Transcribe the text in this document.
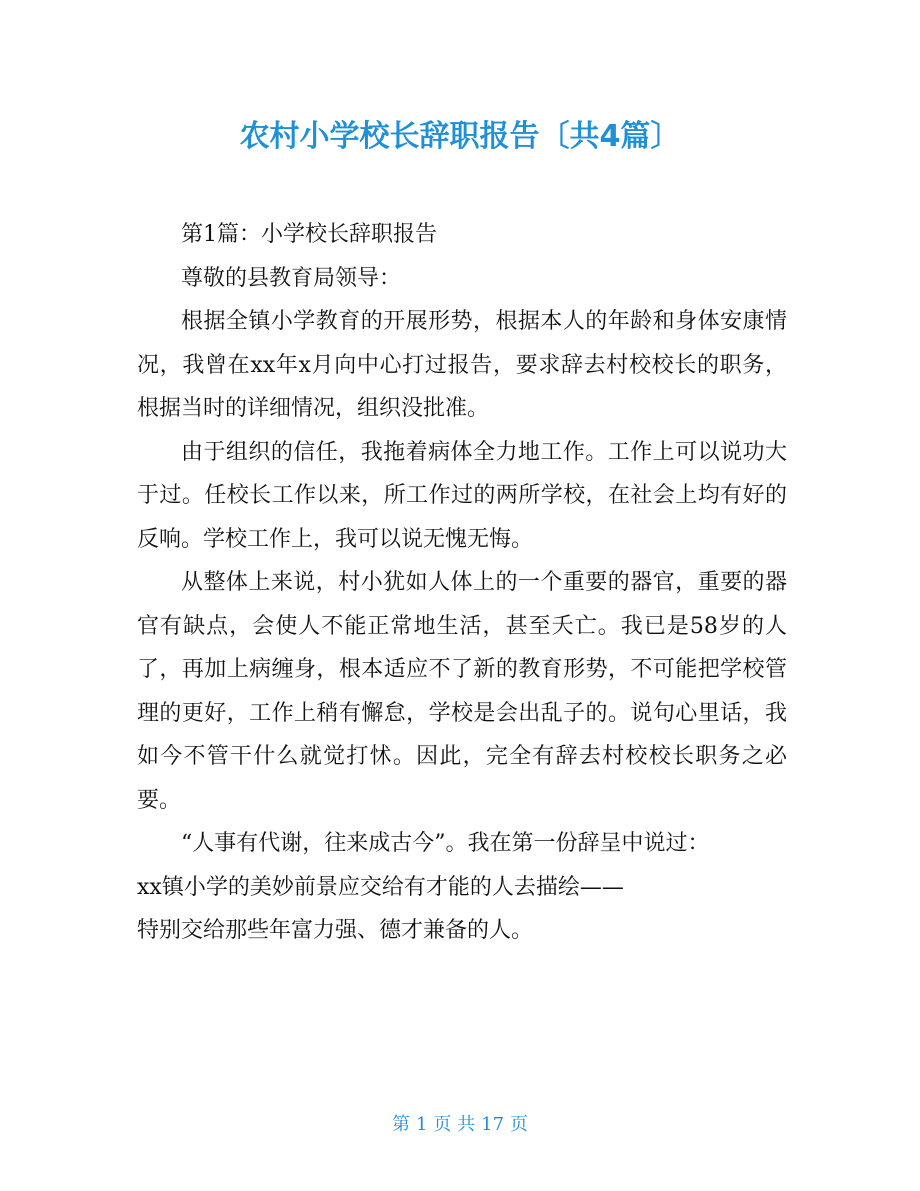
农村小学校长辞职报告〔共4篇〕

第1篇：小学校长辞职报告

尊敬的县教育局领导：

根据全镇小学教育的开展形势，根据本人的年龄和身体安康情况，我曾在xx年x月向中心打过报告，要求辞去村校校长的职务，根据当时的详细情况，组织没批准。

由于组织的信任，我拖着病体全力地工作。工作上可以说功大于过。任校长工作以来，所工作过的两所学校，在社会上均有好的反响。学校工作上，我可以说无愧无悔。

从整体上来说，村小犹如人体上的一个重要的器官，重要的器官有缺点，会使人不能正常地生活，甚至夭亡。我已是58岁的人了，再加上病缠身，根本适应不了新的教育形势，不可能把学校管理的更好，工作上稍有懈怠，学校是会出乱子的。说句心里话，我如今不管干什么就觉打怵。因此，完全有辞去村校校长职务之必要。

“人事有代谢，往来成古今”。我在第一份辞呈中说过：

xx镇小学的美妙前景应交给有才能的人去描绘——

特别交给那些年富力强、德才兼备的人。

第 1 页 共 17 页
